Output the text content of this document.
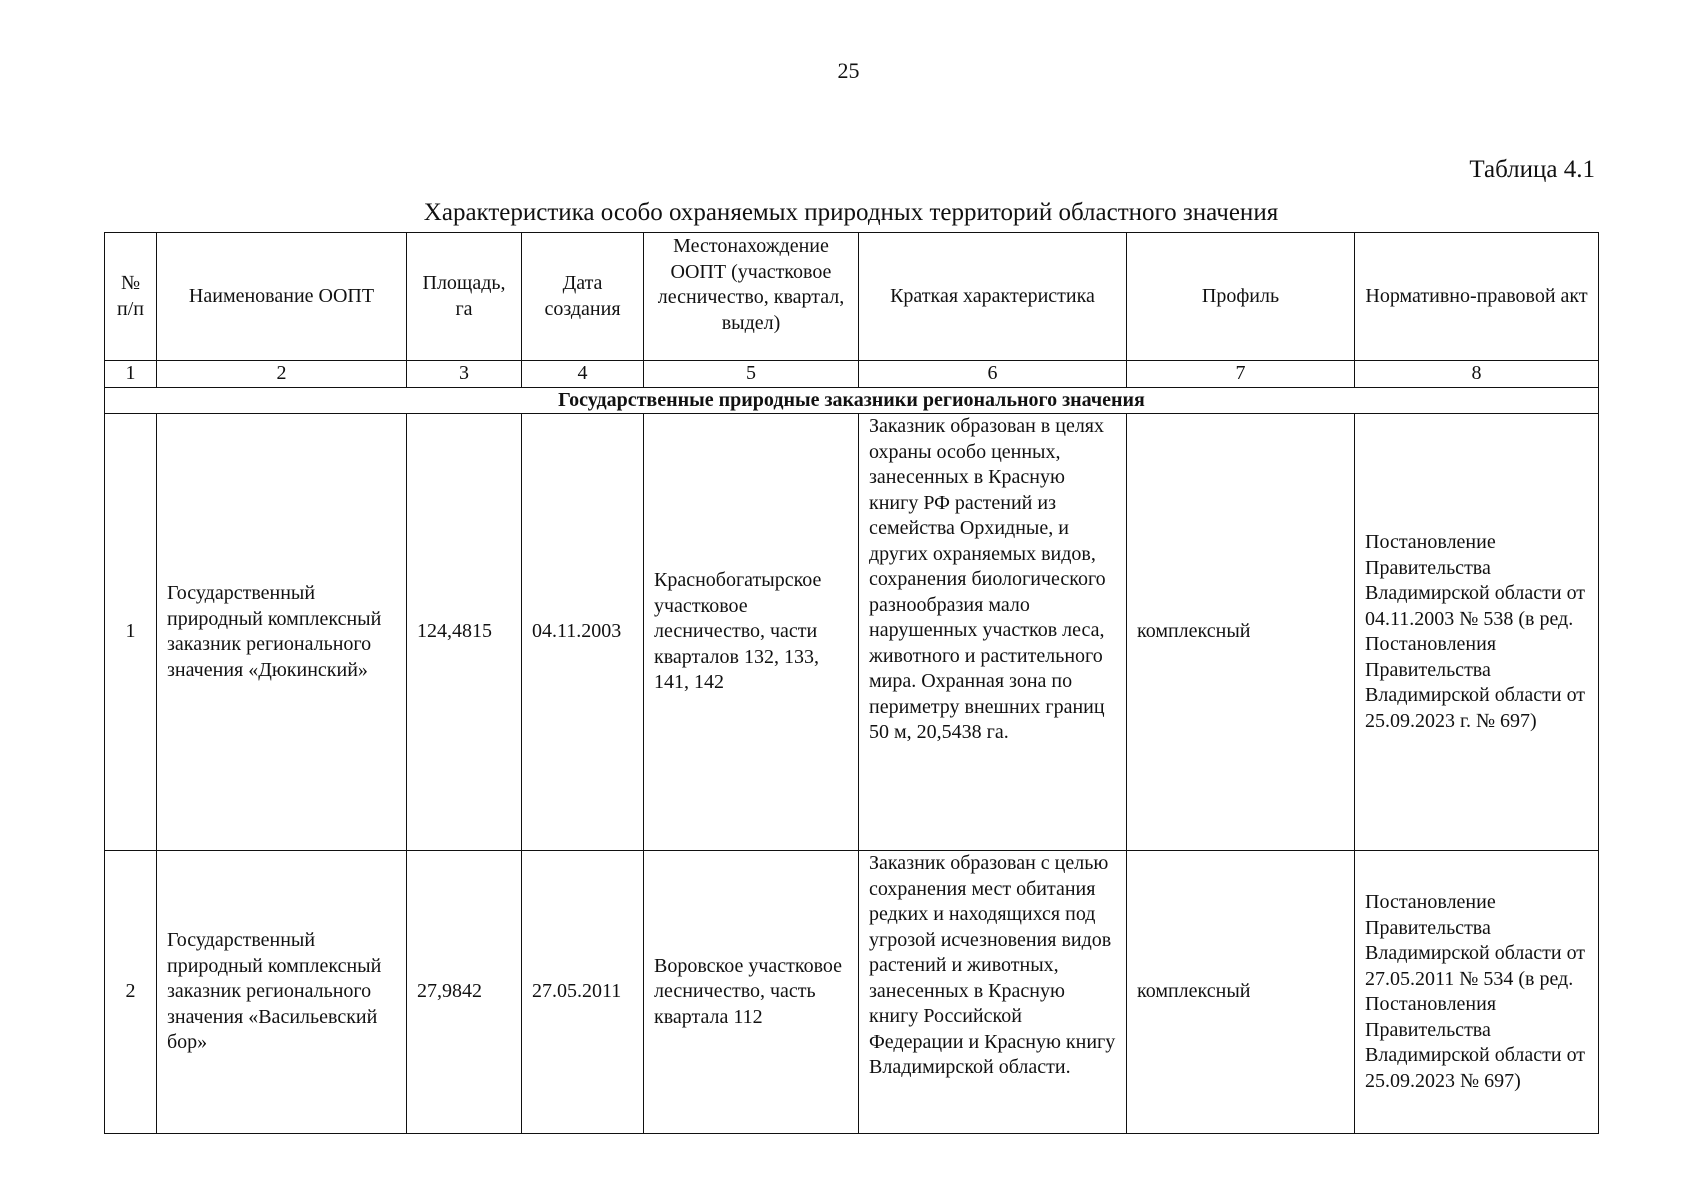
25
Таблица 4.1
Характеристика особо охраняемых природных территорий областного значения
№ п/п	Наименование ООПТ	Площадь, га	Дата создания	Местонахождение ООПТ (участковое лесничество, квартал, выдел)	Краткая характеристика	Профиль	Нормативно-правовой акт
1	2	3	4	5	6	7	8
Государственные природные заказники регионального значения							
1	Государственный природный комплексный заказник регионального значения «Дюкинский»	124,4815	04.11.2003	Краснобогатырское участковое лесничество, части кварталов 132, 133, 141, 142	Заказник образован в целях охраны особо ценных, занесенных в Красную книгу РФ растений из семейства Орхидные, и других охраняемых видов, сохранения биологического разнообразия мало нарушенных участков леса, животного и растительного мира. Охранная зона по периметру внешних границ 50 м, 20,5438 га.	комплексный	Постановление Правительства Владимирской области от 04.11.2003 № 538 (в ред. Постановления Правительства Владимирской области от 25.09.2023 г. № 697)
2	Государственный природный комплексный заказник регионального значения «Васильевский бор»	27,9842	27.05.2011	Воровское участковое лесничество, часть квартала 112	Заказник образован с целью сохранения мест обитания редких и находящихся под угрозой исчезновения видов растений и животных, занесенных в Красную книгу Российской Федерации и Красную книгу Владимирской области.	комплексный	Постановление Правительства Владимирской области от 27.05.2011 № 534 (в ред. Постановления Правительства Владимирской области от 25.09.2023 № 697)
